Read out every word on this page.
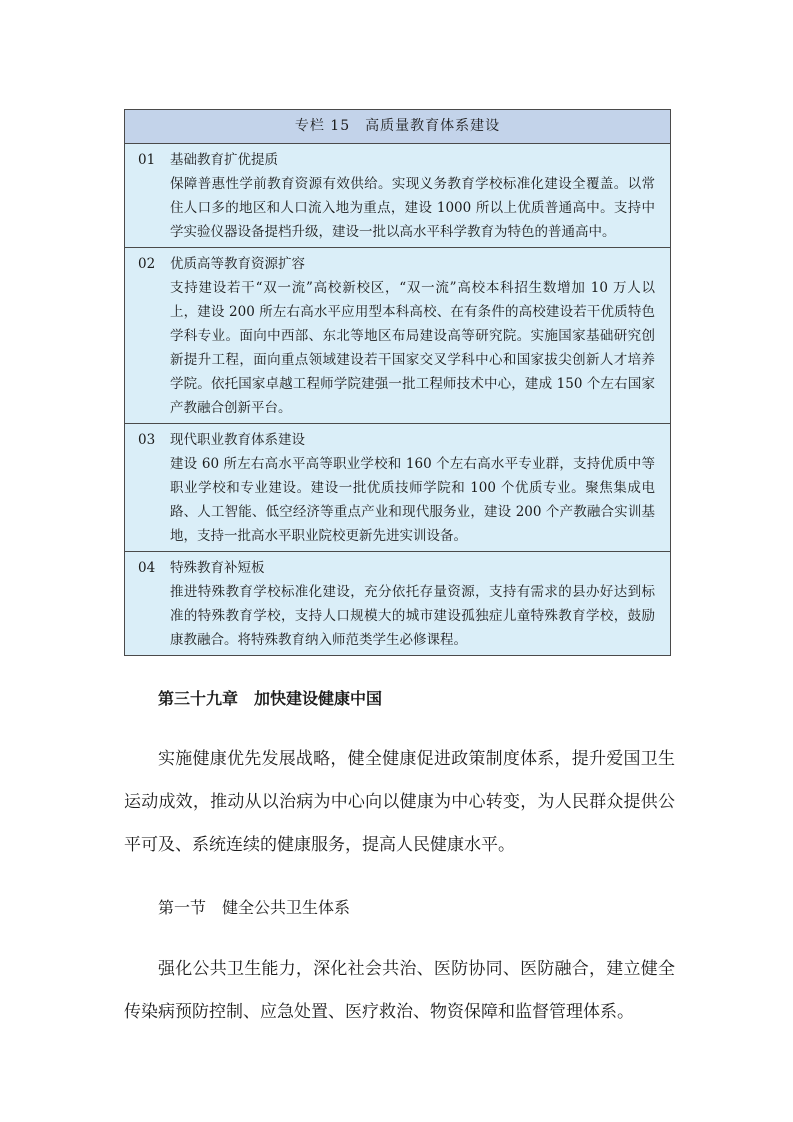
专栏 15　高质量教育体系建设
01 基础教育扩优提质
保障普惠性学前教育资源有效供给。实现义务教育学校标准化建设全覆盖。以常住人口多的地区和人口流入地为重点，建设 1000 所以上优质普通高中。支持中学实验仪器设备提档升级，建设一批以高水平科学教育为特色的普通高中。
02 优质高等教育资源扩容
支持建设若干“双一流”高校新校区，“双一流”高校本科招生数增加 10 万人以上，建设 200 所左右高水平应用型本科高校、在有条件的高校建设若干优质特色学科专业。面向中西部、东北等地区布局建设高等研究院。实施国家基础研究创新提升工程，面向重点领域建设若干国家交叉学科中心和国家拔尖创新人才培养学院。依托国家卓越工程师学院建强一批工程师技术中心，建成 150 个左右国家产教融合创新平台。
03 现代职业教育体系建设
建设 60 所左右高水平高等职业学校和 160 个左右高水平专业群，支持优质中等职业学校和专业建设。建设一批优质技师学院和 100 个优质专业。聚焦集成电路、人工智能、低空经济等重点产业和现代服务业，建设 200 个产教融合实训基地，支持一批高水平职业院校更新先进实训设备。
04 特殊教育补短板
推进特殊教育学校标准化建设，充分依托存量资源，支持有需求的县办好达到标准的特殊教育学校，支持人口规模大的城市建设孤独症儿童特殊教育学校，鼓励康教融合。将特殊教育纳入师范类学生必修课程。
第三十九章　加快建设健康中国
实施健康优先发展战略，健全健康促进政策制度体系，提升爱国卫生运动成效，推动从以治病为中心向以健康为中心转变，为人民群众提供公平可及、系统连续的健康服务，提高人民健康水平。
第一节　健全公共卫生体系
强化公共卫生能力，深化社会共治、医防协同、医防融合，建立健全传染病预防控制、应急处置、医疗救治、物资保障和监督管理体系。
